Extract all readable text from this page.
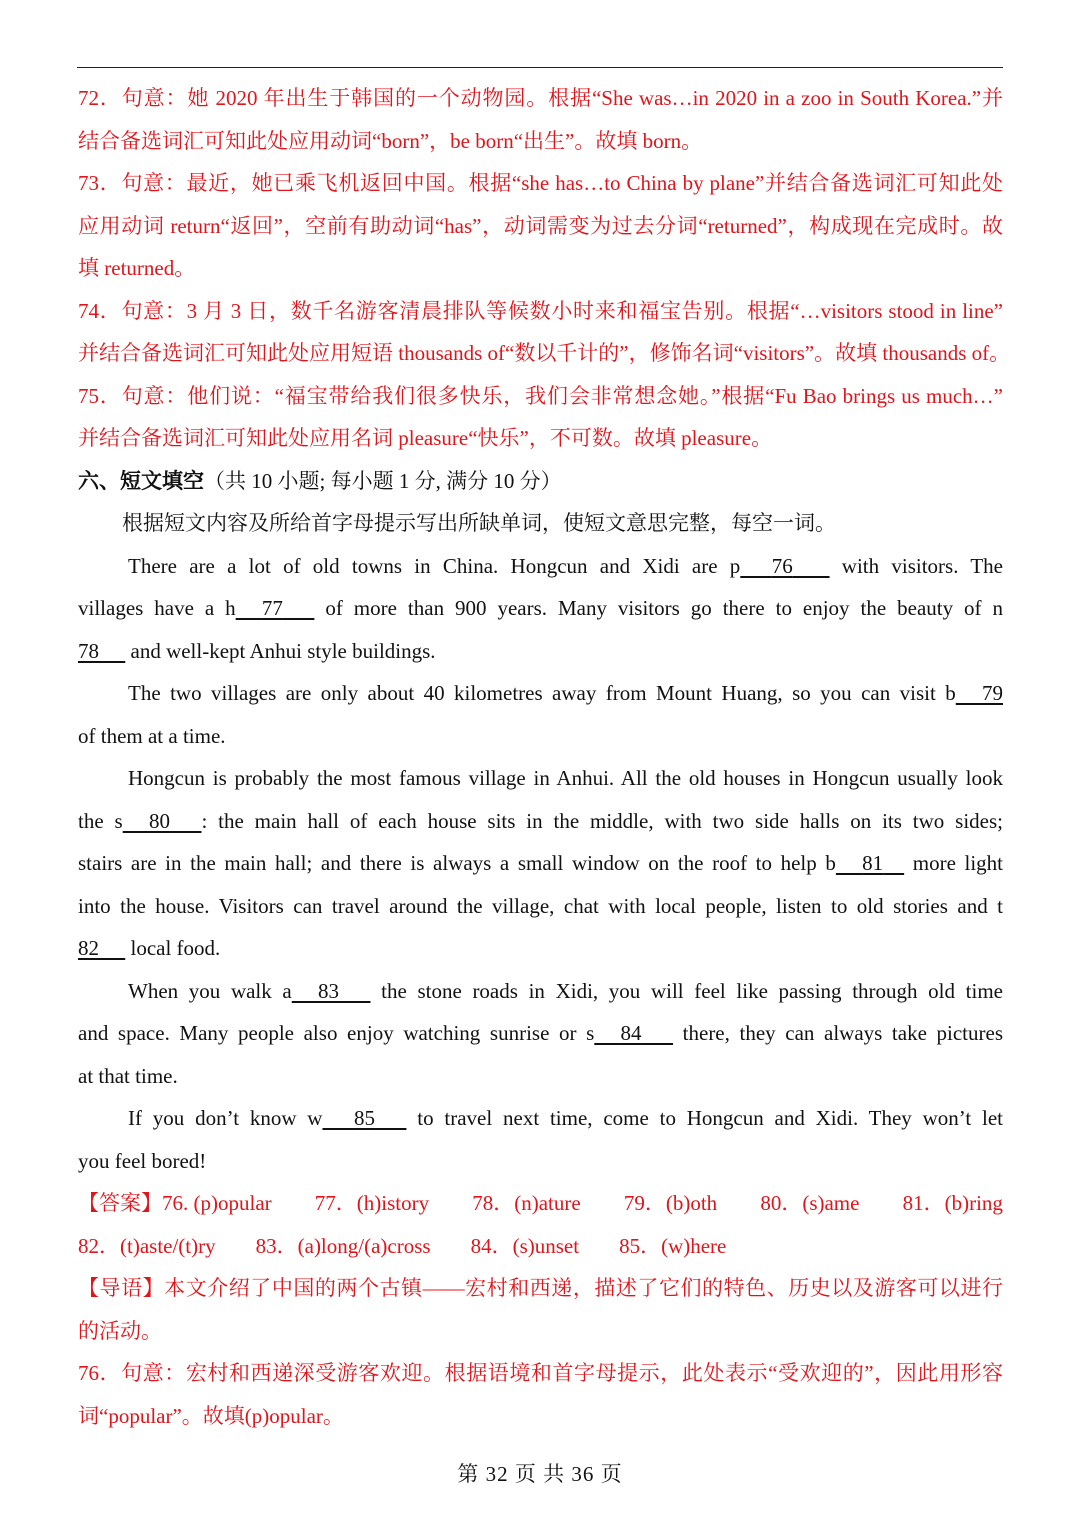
72．句意：她 2020 年出生于韩国的一个动物园。根据“She was…in 2020 in a zoo in South Korea.”并
结合备选词汇可知此处应用动词“born”，be born“出生”。故填 born。
73．句意：最近，她已乘飞机返回中国。根据“she has…to China by plane”并结合备选词汇可知此处
应用动词 return“返回”，空前有助动词“has”，动词需变为过去分词“returned”，构成现在完成时。故
填 returned。
74．句意：3 月 3 日，数千名游客清晨排队等候数小时来和福宝告别。根据“…visitors stood in line”
并结合备选词汇可知此处应用短语 thousands of“数以千计的”，修饰名词“visitors”。故填 thousands of。
75．句意：他们说：“福宝带给我们很多快乐，我们会非常想念她。”根据“Fu Bao brings us much…”
并结合备选词汇可知此处应用名词 pleasure“快乐”，不可数。故填 pleasure。
六、短文填空（共 10 小题; 每小题 1 分, 满分 10 分）
根据短文内容及所给首字母提示写出所缺单词，使短文意思完整，每空一词。
There are a lot of old towns in China. Hongcun and Xidi are p 76        with visitors. The
villages have a h 77       of more than 900 years. Many visitors go there to enjoy the beauty of n
78      and well-kept Anhui style buildings.
The two villages are only about 40 kilometres away from Mount Huang, so you can visit b 79
of them at a time.
Hongcun is probably the most famous village in Anhui. All the old houses in Hongcun usually look
the s 80 : the main hall of each house sits in the middle, with two side halls on its two sides;
stairs are in the main hall; and there is always a small window on the roof to help b 81     more light
into the house. Visitors can travel around the village, chat with local people, listen to old stories and t
82      local food.
When you walk a 83       the stone roads in Xidi, you will feel like passing through old time
and space. Many people also enjoy watching sunrise or s 84       there, they can always take pictures
at that time.
If you don’t know w 85       to travel next time, come to Hongcun and Xidi. They won’t let
you feel bored!
【答案】76. (p)opular 77．(h)istory 78．(n)ature 79．(b)oth 80．(s)ame 81．(b)ring
82．(t)aste/(t)ry 83．(a)long/(a)cross 84．(s)unset 85．(w)here
【导语】本文介绍了中国的两个古镇——宏村和西递，描述了它们的特色、历史以及游客可以进行
的活动。
76．句意：宏村和西递深受游客欢迎。根据语境和首字母提示，此处表示“受欢迎的”，因此用形容
词“popular”。故填(p)opular。
第 32 页 共 36 页
